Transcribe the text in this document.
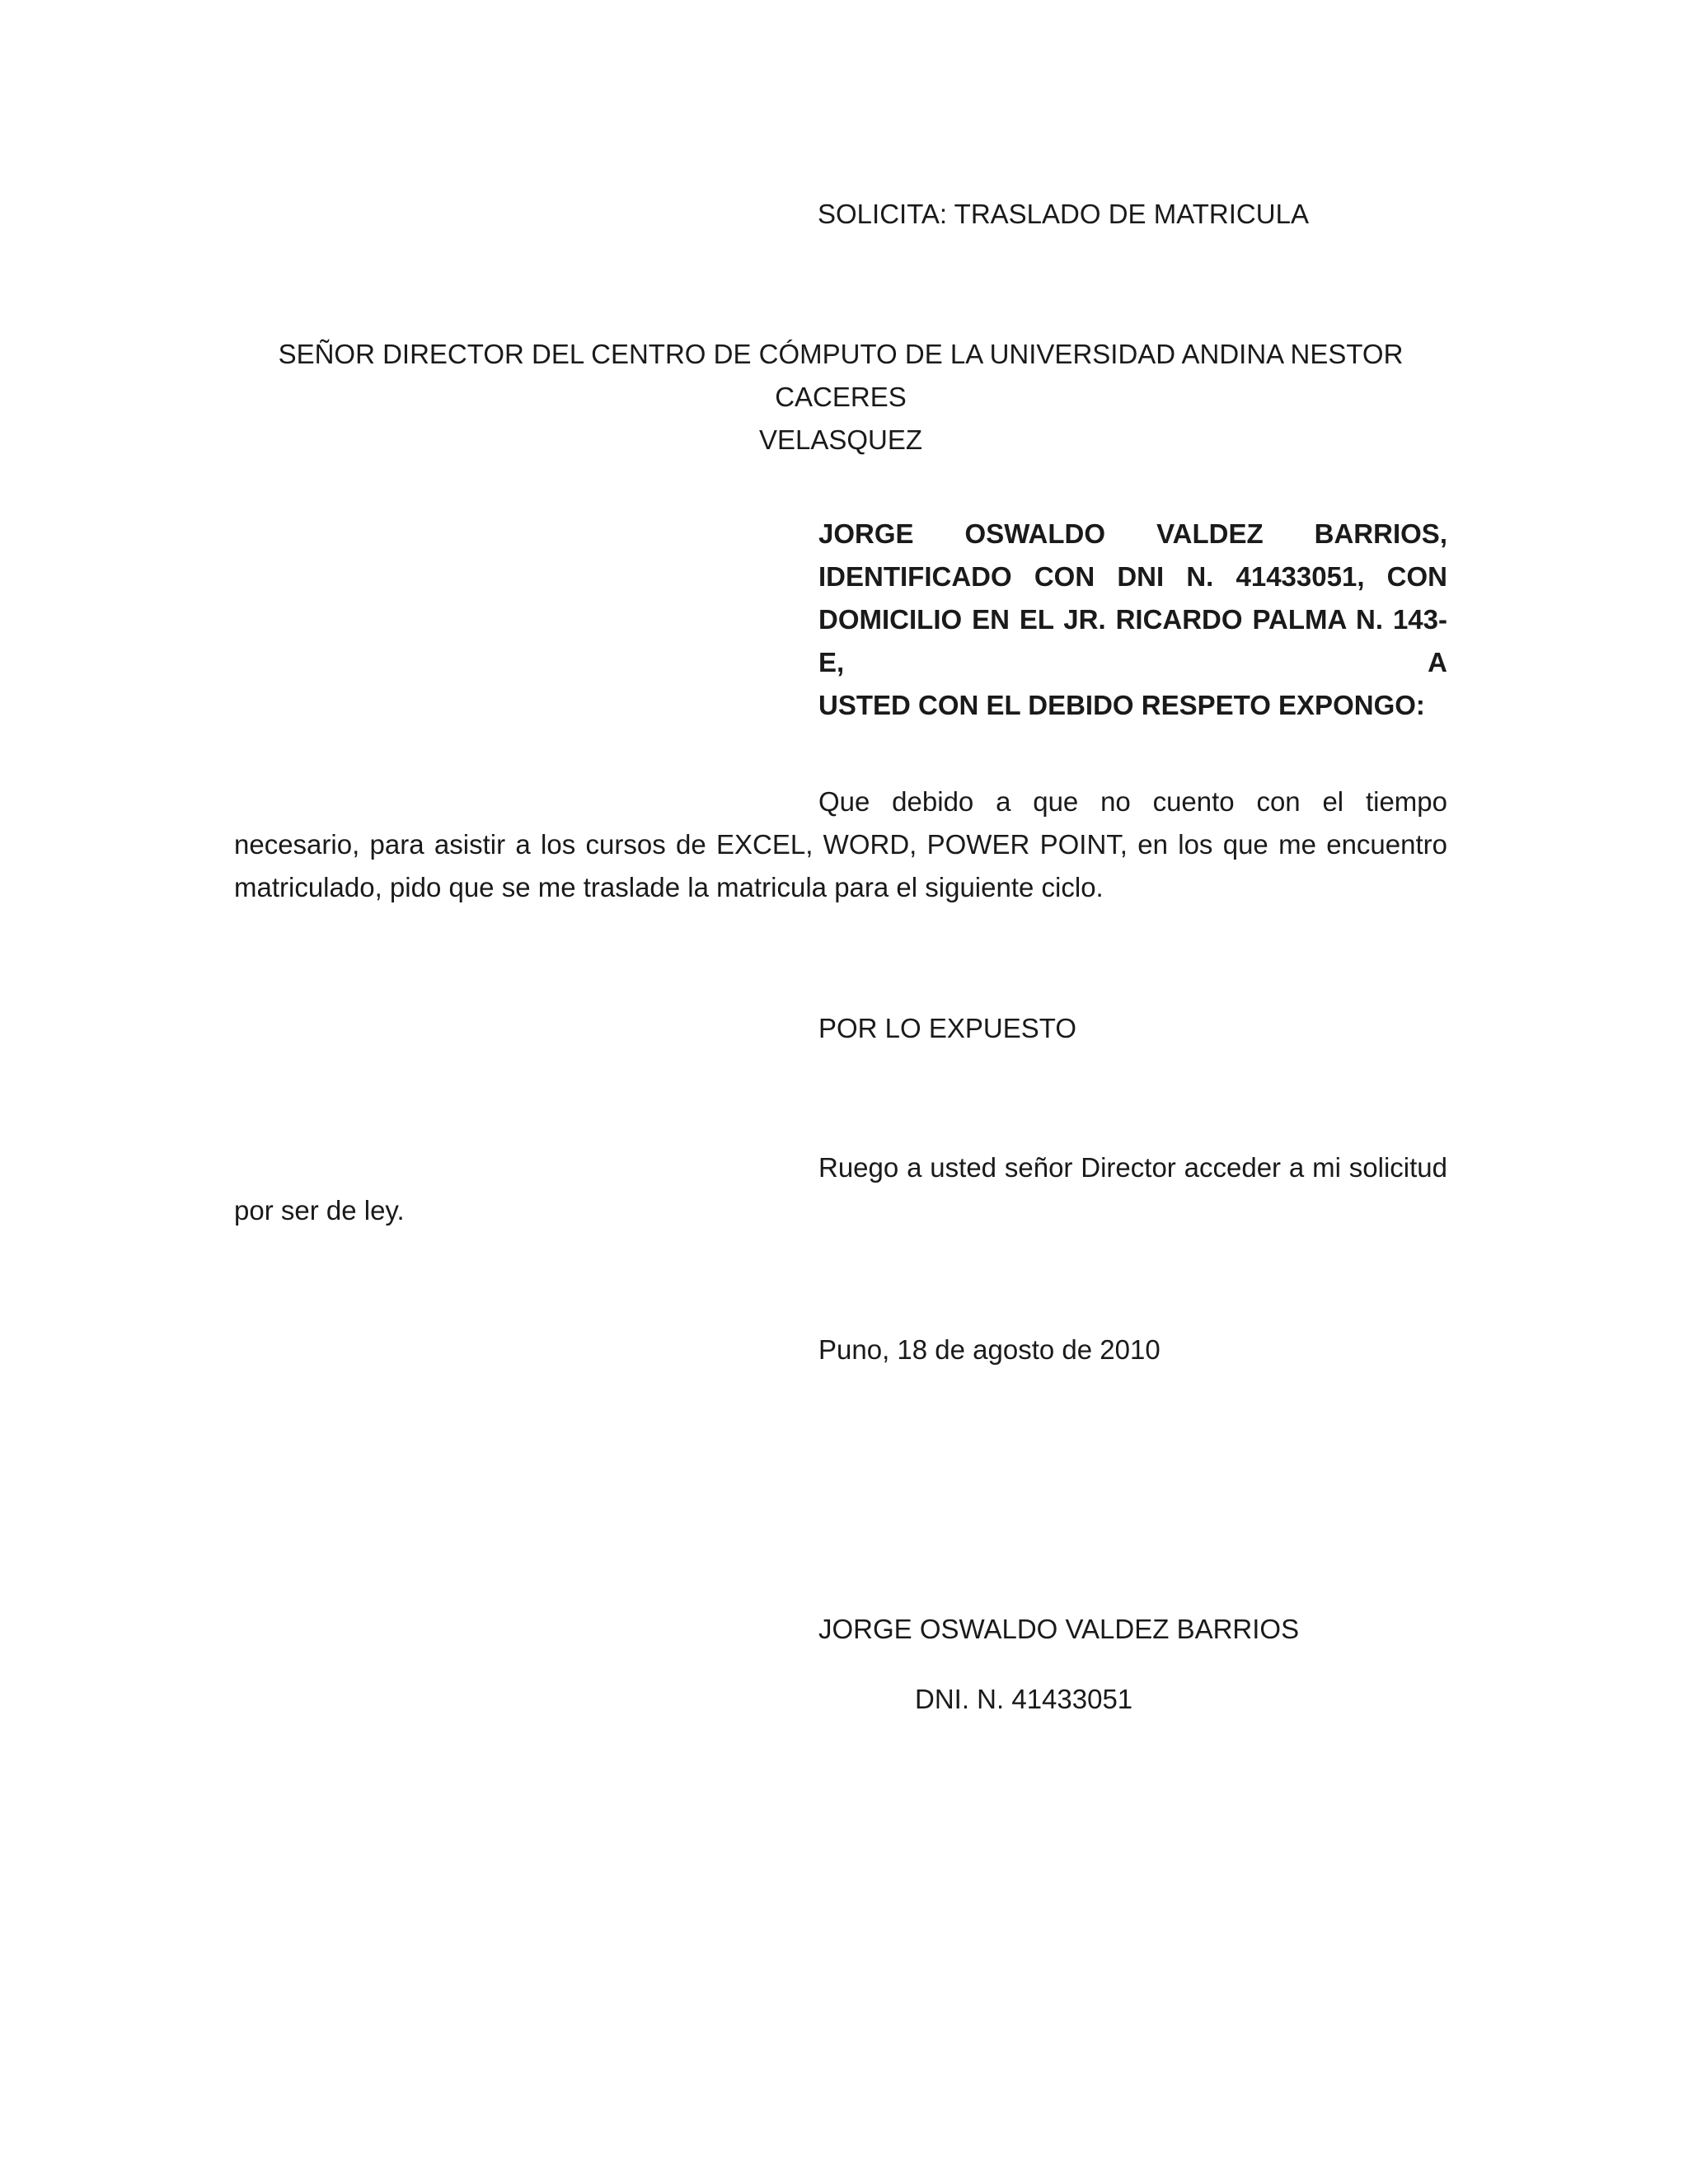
SOLICITA: TRASLADO DE MATRICULA
SEÑOR DIRECTOR DEL CENTRO DE CÓMPUTO DE LA UNIVERSIDAD ANDINA NESTOR CACERES
VELASQUEZ
JORGE OSWALDO VALDEZ BARRIOS,
IDENTIFICADO CON DNI N. 41433051, CON
DOMICILIO EN EL JR. RICARDO PALMA N. 143-E, A
USTED CON EL DEBIDO RESPETO EXPONGO:
Que debido a que no cuento con el tiempo
necesario, para asistir a los cursos de EXCEL, WORD, POWER POINT, en los que me encuentro
matriculado, pido que se me traslade la matricula para el siguiente ciclo.
POR LO EXPUESTO
Ruego a usted señor Director acceder a mi solicitud
por ser de ley.
Puno, 18 de agosto de 2010
JORGE OSWALDO VALDEZ BARRIOS
DNI. N. 41433051
